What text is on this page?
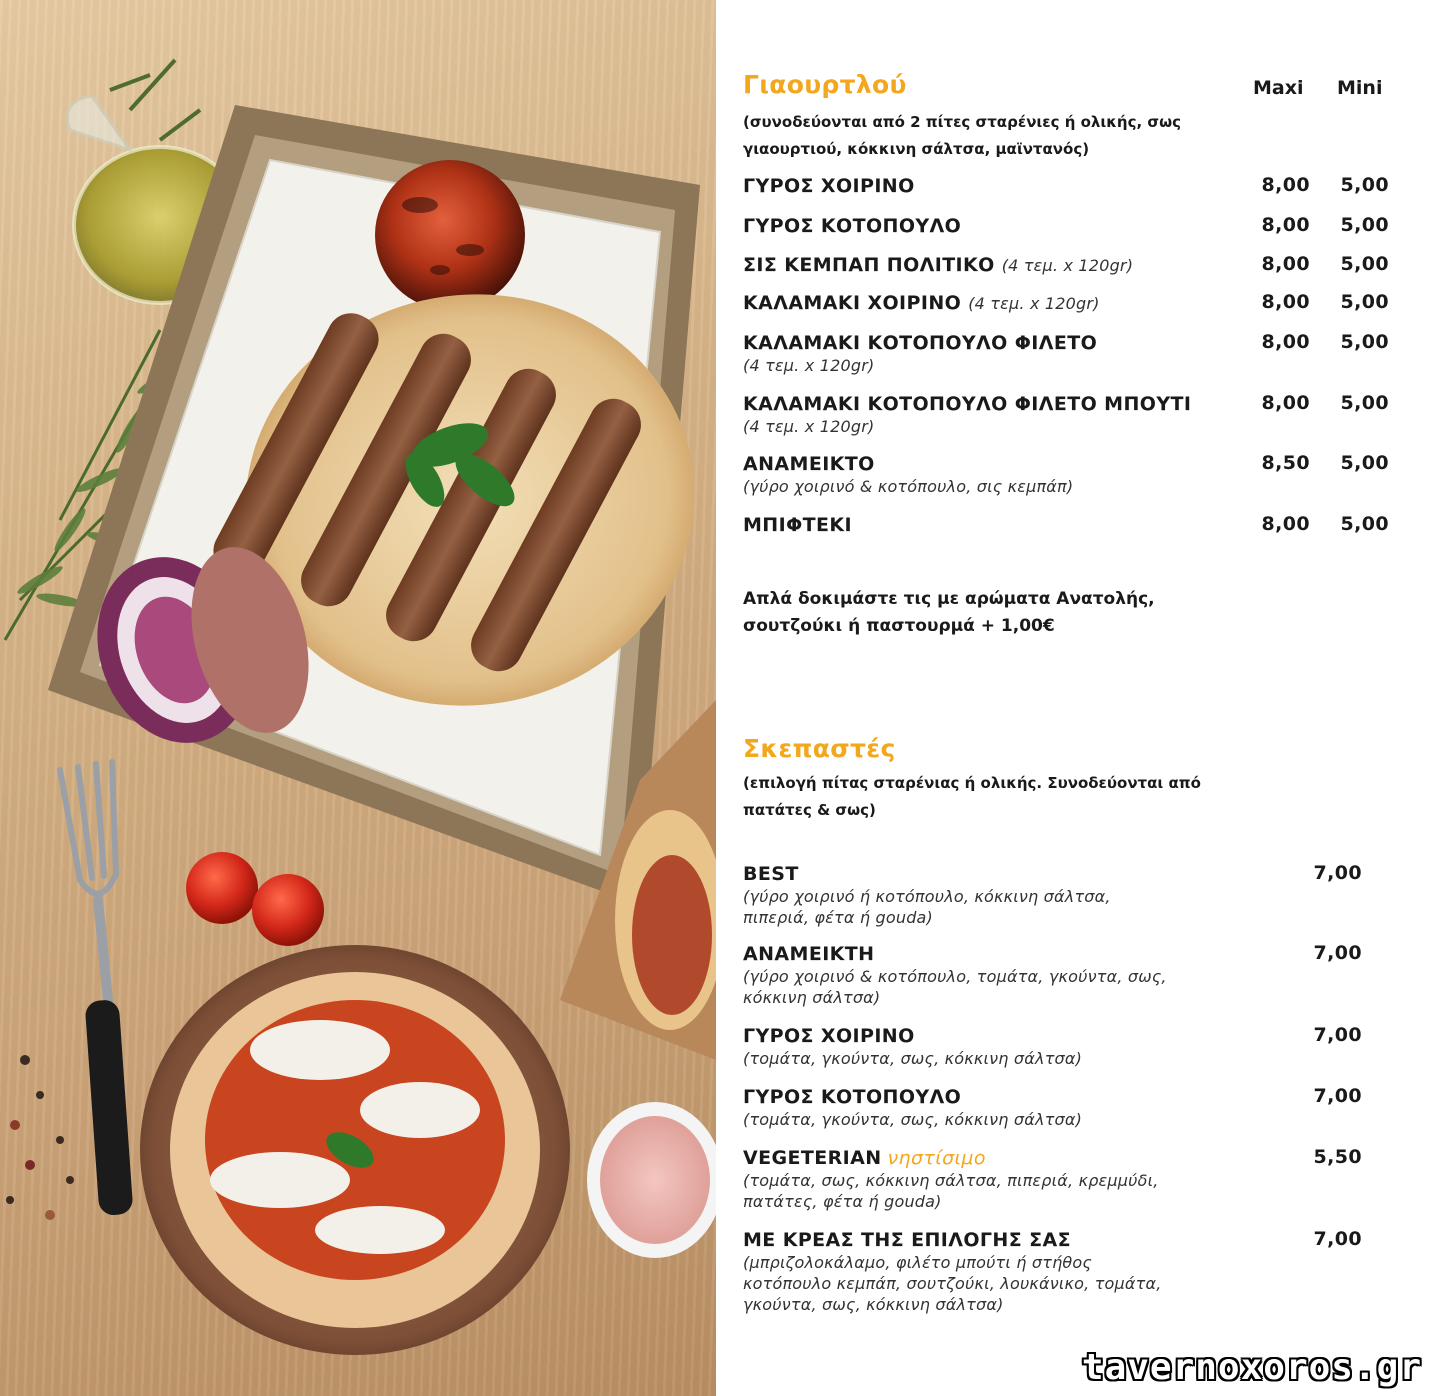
Γιαουρτλού	Maxi Mini
(συνοδεύονται από 2 πίτες σταρένιες ή ολικής, σως
γιαουρτιού, κόκκινη σάλτσα, μαϊντανός)
ΓΥΡΟΣ ΧΟΙΡΙΝΟ	8,00	5,00
ΓΥΡΟΣ ΚΟΤΟΠΟΥΛΟ	8,00	5,00
ΣΙΣ ΚΕΜΠΑΠ ΠΟΛΙΤΙΚΟ (4 τεμ. x 120gr)	8,00	5,00
ΚΑΛΑΜΑΚΙ ΧΟΙΡΙΝΟ (4 τεμ. x 120gr)	8,00	5,00
ΚΑΛΑΜΑΚΙ ΚΟΤΟΠΟΥΛΟ ΦΙΛΕΤΟ
(4 τεμ. x 120gr)
8,00	5,00
ΚΑΛΑΜΑΚΙ ΚΟΤΟΠΟΥΛΟ ΦΙΛΕΤΟ ΜΠΟΥΤΙ
(4 τεμ. x 120gr)
8,00	5,00
ΑΝΑΜΕΙΚΤΟ
(γύρο χοιρινό & κοτόπουλο, σις κεμπάπ)
8,50	5,00
ΜΠΙΦΤΕΚΙ	8,00	5,00
Απλά δοκιμάστε τις με αρώματα Ανατολής,
σουτζούκι ή παστουρμά + 1,00€
Σκεπαστές
(επιλογή πίτας σταρένιας ή ολικής. Συνοδεύονται από
πατάτες & σως)
BEST
(γύρο χοιρινό ή κοτόπουλο, κόκκινη σάλτσα,
πιπεριά, φέτα ή gouda)
7,00
ΑΝΑΜΕΙΚΤΗ
(γύρο χοιρινό & κοτόπουλο, τομάτα, γκούντα, σως,
κόκκινη σάλτσα)
7,00
ΓΥΡΟΣ ΧΟΙΡΙΝΟ
(τομάτα, γκούντα, σως, κόκκινη σάλτσα)
7,00
ΓΥΡΟΣ ΚΟΤΟΠΟΥΛΟ
(τομάτα, γκούντα, σως, κόκκινη σάλτσα)
7,00
VEGETERIAN νηστίσιμο
(τομάτα, σως, κόκκινη σάλτσα, πιπεριά, κρεμμύδι,
πατάτες, φέτα ή gouda)
5,50
ΜΕ ΚΡΕΑΣ ΤΗΣ ΕΠΙΛΟΓΗΣ ΣΑΣ
(μπριζολοκάλαμο, φιλέτο μπούτι ή στήθος
κοτόπουλο κεμπάπ, σουτζούκι, λουκάνικο, τομάτα,
γκούντα, σως, κόκκινη σάλτσα)
7,00
tavernoxoros.gr
